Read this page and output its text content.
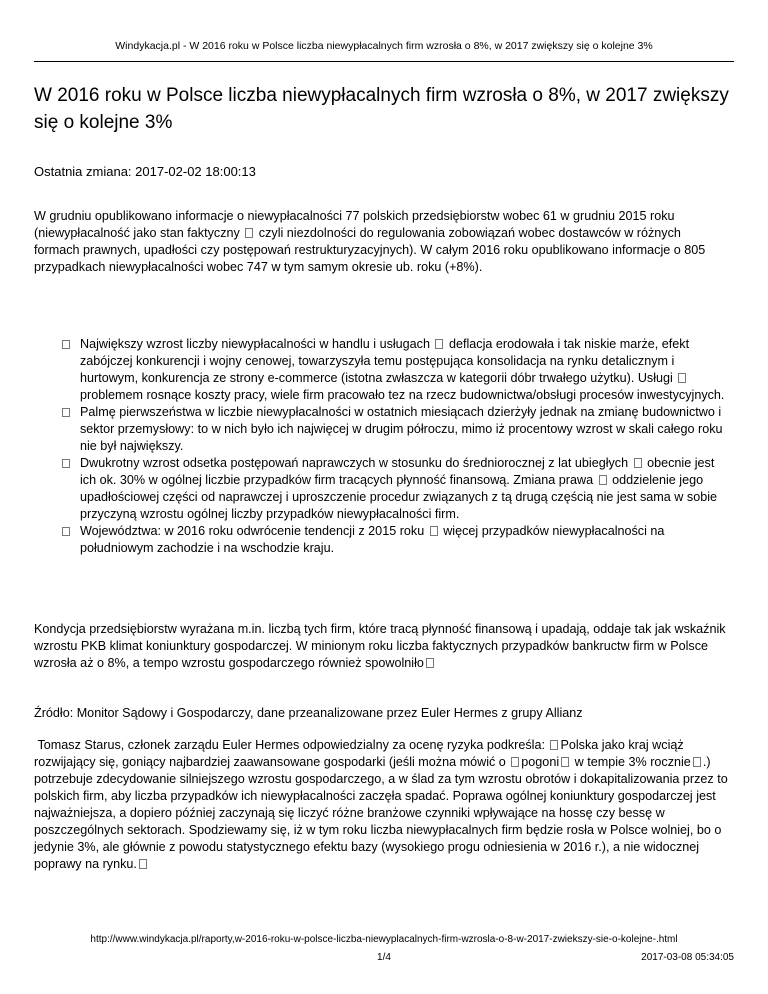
Windykacja.pl - W 2016 roku w Polsce liczba niewypłacalnych firm wzrosła o 8%, w 2017 zwiększy się o kolejne 3%
W 2016 roku w Polsce liczba niewypłacalnych firm wzrosła o 8%, w 2017 zwiększy się o kolejne 3%
Ostatnia zmiana: 2017-02-02 18:00:13

W grudniu opublikowano informacje o niewypłacalności 77 polskich przedsiębiorstw wobec 61 w grudniu 2015 roku (niewypłacalność jako stan faktyczny czyli niezdolności do regulowania zobowiązań wobec dostawców w różnych formach prawnych, upadłości czy postępowań restrukturyzacyjnych). W całym 2016 roku opublikowano informacje o 805 przypadkach niewypłacalności wobec 747 w tym samym okresie ub. roku (+8%).

Największy wzrost liczby niewypłacalności w handlu i usługach deflacja erodowała i tak niskie marże, efekt zabójczej konkurencji i wojny cenowej, towarzyszyła temu postępująca konsolidacja na rynku detalicznym i hurtowym, konkurencja ze strony e-commerce (istotna zwłaszcza w kategorii dóbr trwałego użytku). Usługi  problemem rosnące koszty pracy, wiele firm pracowało tez na rzecz budownictwa/obsługi procesów inwestycyjnych.
Palmę pierwszeństwa w liczbie niewypłacalności w ostatnich miesiącach dzierżyły jednak na zmianę budownictwo i sektor przemysłowy: to w nich było ich najwięcej w drugim półroczu, mimo iż procentowy wzrost w skali całego roku nie był największy.
Dwukrotny wzrost odsetka postępowań naprawczych w stosunku do średniorocznej z lat ubiegłych obecnie jest ich ok. 30% w ogólnej liczbie przypadków firm tracących płynność finansową. Zmiana prawa oddzielenie jego upadłościowej części od naprawczej i uproszczenie procedur związanych z tą drugą częścią nie jest sama w sobie przyczyną wzrostu ogólnej liczby przypadków niewypłacalności firm.
Województwa: w 2016 roku odwrócenie tendencji z 2015 roku więcej przypadków niewypłacalności na południowym zachodzie i na wschodzie kraju.

Kondycja przedsiębiorstw wyrażana m.in. liczbą tych firm, które tracą płynność finansową i upadają, oddaje tak jak wskaźnik wzrostu PKB klimat koniunktury gospodarczej. W minionym roku liczba faktycznych przypadków bankructw firm w Polsce wzrosła aż o 8%, a tempo wzrostu gospodarczego również spowolniło

Źródło: Monitor Sądowy i Gospodarczy, dane przeanalizowane przez Euler Hermes z grupy Allianz

Tomasz Starus, członek zarządu Euler Hermes odpowiedzialny za ocenę ryzyka podkreśla: Polska jako kraj wciąż rozwijający się, goniący najbardziej zaawansowane gospodarki (jeśli można mówić o pogoni w tempie 3% rocznie .) potrzebuje zdecydowanie silniejszego wzrostu gospodarczego, a w ślad za tym wzrostu obrotów i dokapitalizowania przez to polskich firm, aby liczba przypadków ich niewypłacalności zaczęła spadać. Poprawa ogólnej koniunktury gospodarczej jest najważniejsza, a dopiero później zaczynają się liczyć różne branżowe czynniki wpływające na hossę czy bessę w poszczególnych sektorach. Spodziewamy się, iż w tym roku liczba niewypłacalnych firm będzie rosła w Polsce wolniej, bo o jedynie 3%, ale głównie z powodu statystycznego efektu bazy (wysokiego progu odniesienia w 2016 r.), a nie widocznej poprawy na rynku.

http://www.windykacja.pl/raporty,w-2016-roku-w-polsce-liczba-niewyplacalnych-firm-wzrosla-o-8-w-2017-zwiekszy-sie-o-kolejne-.html
1/4	2017-03-08 05:34:05
